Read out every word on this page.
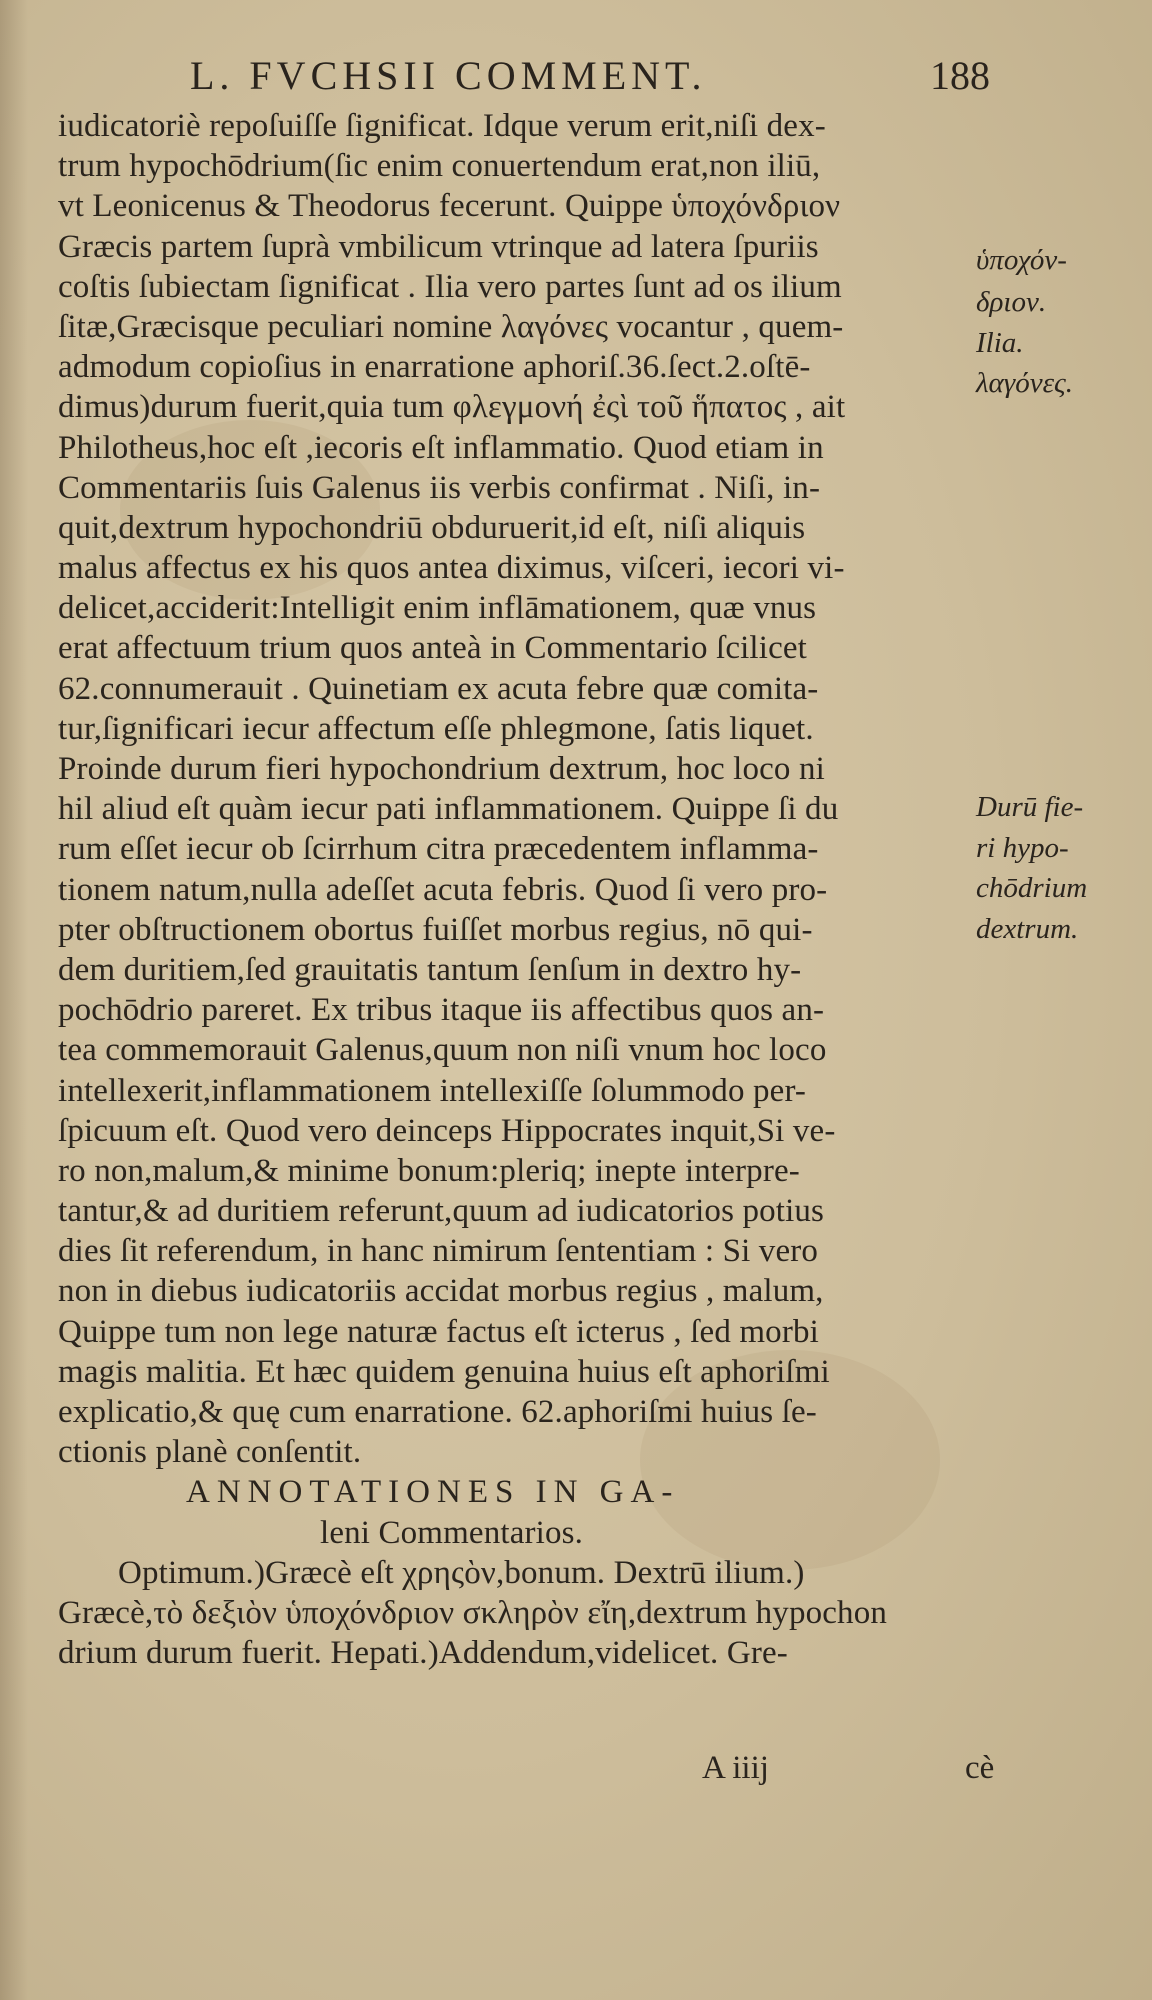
L. FVCHSII COMMENT.	188
iudicatoriè repoſuiſſe ſignificat. Idque verum erit,niſi dex-
trum hypochōdrium(ſic enim conuertendum erat,non iliū,
vt Leonicenus & Theodorus fecerunt. Quippe ὑποχόνδριον
Græcis partem ſuprà vmbilicum vtrinque ad latera ſpuriis
coſtis ſubiectam ſignificat . Ilia vero partes ſunt ad os ilium
ſitæ,Græcisque peculiari nomine λαγόνες vocantur , quem-
admodum copioſius in enarratione aphoriſ.36.ſect.2.oſtē-
dimus)durum fuerit,quia tum φλεγμονή ἐςὶ τοῦ ἥπατος , ait
Philotheus,hoc eſt ,iecoris eſt inflammatio. Quod etiam in
Commentariis ſuis Galenus iis verbis confirmat . Niſi, in-
quit,dextrum hypochondriū obduruerit,id eſt, niſi aliquis
malus affectus ex his quos antea diximus, viſceri, iecori vi-
delicet,acciderit:Intelligit enim inflāmationem, quæ vnus
erat affectuum trium quos anteà in Commentario ſcilicet
62.connumerauit . Quinetiam ex acuta febre quæ comita-
tur,ſignificari iecur affectum eſſe phlegmone, ſatis liquet.
Proinde durum fieri hypochondrium dextrum, hoc loco ni
hil aliud eſt quàm iecur pati inflammationem. Quippe ſi du
rum eſſet iecur ob ſcirrhum citra præcedentem inflamma-
tionem natum,nulla adeſſet acuta febris. Quod ſi vero pro-
pter obſtructionem obortus fuiſſet morbus regius, nō qui-
dem duritiem,ſed grauitatis tantum ſenſum in dextro hy-
pochōdrio pareret. Ex tribus itaque iis affectibus quos an-
tea commemorauit Galenus,quum non niſi vnum hoc loco
intellexerit,inflammationem intellexiſſe ſolummodo per-
ſpicuum eſt. Quod vero deinceps Hippocrates inquit,Si ve-
ro non,malum,& minime bonum:pleriq; inepte interpre-
tantur,& ad duritiem referunt,quum ad iudicatorios potius
dies ſit referendum, in hanc nimirum ſententiam : Si vero
non in diebus iudicatoriis accidat morbus regius , malum,
Quippe tum non lege naturæ factus eſt icterus , ſed morbi
magis malitia. Et hæc quidem genuina huius eſt aphoriſmi
explicatio,& quę cum enarratione. 62.aphoriſmi huius ſe-
ctionis planè conſentit.
ANNOTATIONES IN GA-
leni Commentarios.
Optimum.)Græcè eſt χρηςὸν,bonum. Dextrū ilium.)
Græcè,τὸ δεξιὸν ὑποχόνδριον σκληρὸν εἴη,dextrum hypochon
drium durum fuerit. Hepati.)Addendum,videlicet. Gre-
ὑποχόν-
δριον.
Ilia.
λαγόνες.
Durū fie-
ri hypo-
chōdrium
dextrum.
A iiij	cè
